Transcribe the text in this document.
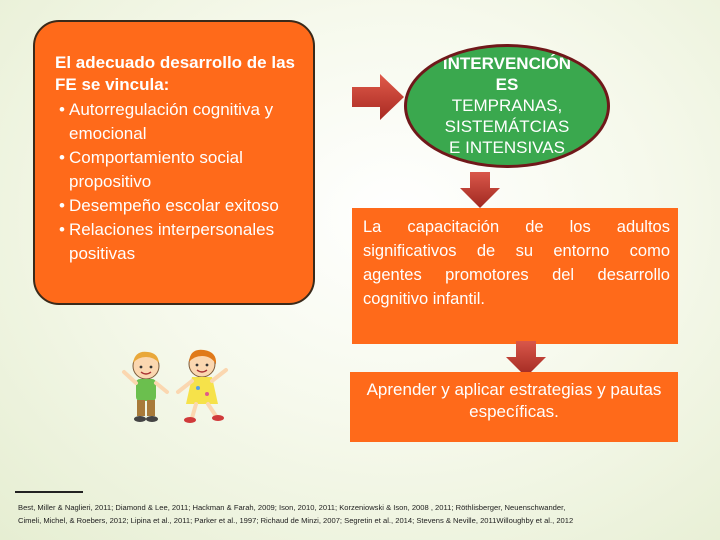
El adecuado desarrollo de las FE se vincula:

• Autorregulación cognitiva y emocional
• Comportamiento social propositivo
• Desempeño escolar exitoso
• Relaciones interpersonales positivas
INTERVENCIÓN
ES
TEMPRANAS,
SISTEMÁTCIAS
E INTENSIVAS
La capacitación de los adultos significativos de su entorno como agentes promotores del desarrollo cognitivo infantil.
Aprender y aplicar estrategias y pautas específicas.
Best, Miller & Naglieri, 2011; Diamond & Lee, 2011; Hackman & Farah, 2009; Ison, 2010, 2011; Korzeniowski & Ison, 2008 , 2011; Röthlisberger, Neuenschwander,
Cimeli, Michel, & Roebers, 2012; Lipina et al., 2011; Parker et al., 1997; Richaud de Minzi, 2007; Segretin et al., 2014; Stevens & Neville, 2011Willoughby et al., 2012
